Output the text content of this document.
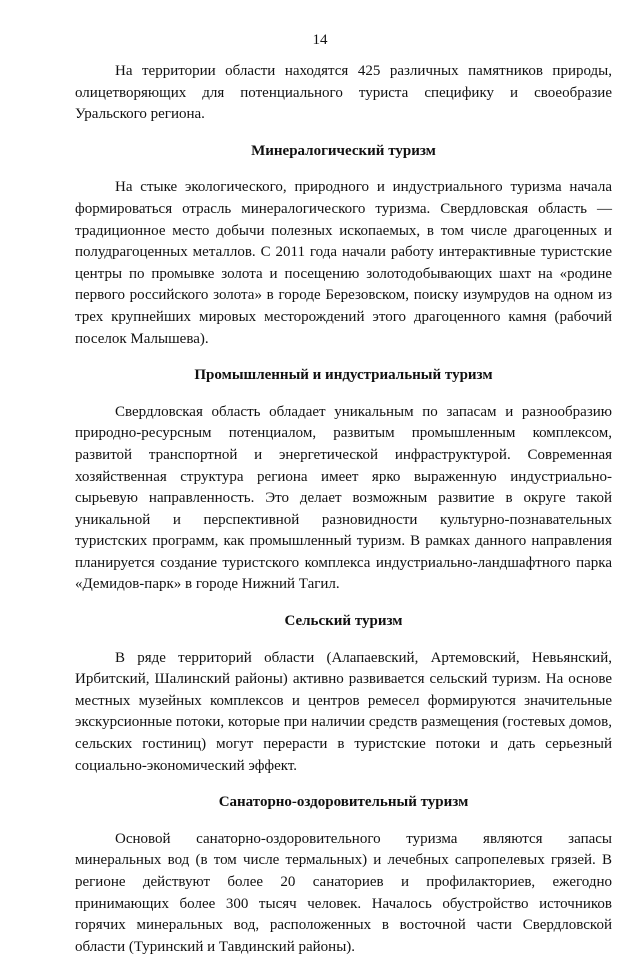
14

На территории области находятся 425 различных памятников природы, олицетворяющих для потенциального туриста специфику и своеобразие Уральского региона.

Минералогический туризм

На стыке экологического, природного и индустриального туризма начала формироваться отрасль минералогического туризма. Свердловская область — традиционное место добычи полезных ископаемых, в том числе драгоценных и полудрагоценных металлов. С 2011 года начали работу интерактивные туристские центры по промывке золота и посещению золотодобывающих шахт на «родине первого российского золота» в городе Березовском, поиску изумрудов на одном из трех крупнейших мировых месторождений этого драгоценного камня (рабочий поселок Малышева).

Промышленный и индустриальный туризм

Свердловская область обладает уникальным по запасам и разнообразию природно-ресурсным потенциалом, развитым промышленным комплексом, развитой транспортной и энергетической инфраструктурой. Современная хозяйственная структура региона имеет ярко выраженную индустриально-сырьевую направленность. Это делает возможным развитие в округе такой уникальной и перспективной разновидности культурно-познавательных туристских программ, как промышленный туризм. В рамках данного направления планируется создание туристского комплекса индустриально-ландшафтного парка «Демидов-парк» в городе Нижний Тагил.

Сельский туризм

В ряде территорий области (Алапаевский, Артемовский, Невьянский, Ирбитский, Шалинский районы) активно развивается сельский туризм. На основе местных музейных комплексов и центров ремесел формируются значительные экскурсионные потоки, которые при наличии средств размещения (гостевых домов, сельских гостиниц) могут перерасти в туристские потоки и дать серьезный социально-экономический эффект.

Санаторно-оздоровительный туризм

Основой санаторно-оздоровительного туризма являются запасы минеральных вод (в том числе термальных) и лечебных сапропелевых грязей. В регионе действуют более 20 санаториев и профилакториев, ежегодно принимающих более 300 тысяч человек. Началось обустройство источников горячих минеральных вод, расположенных в восточной части Свердловской области (Туринский и Тавдинский районы).
